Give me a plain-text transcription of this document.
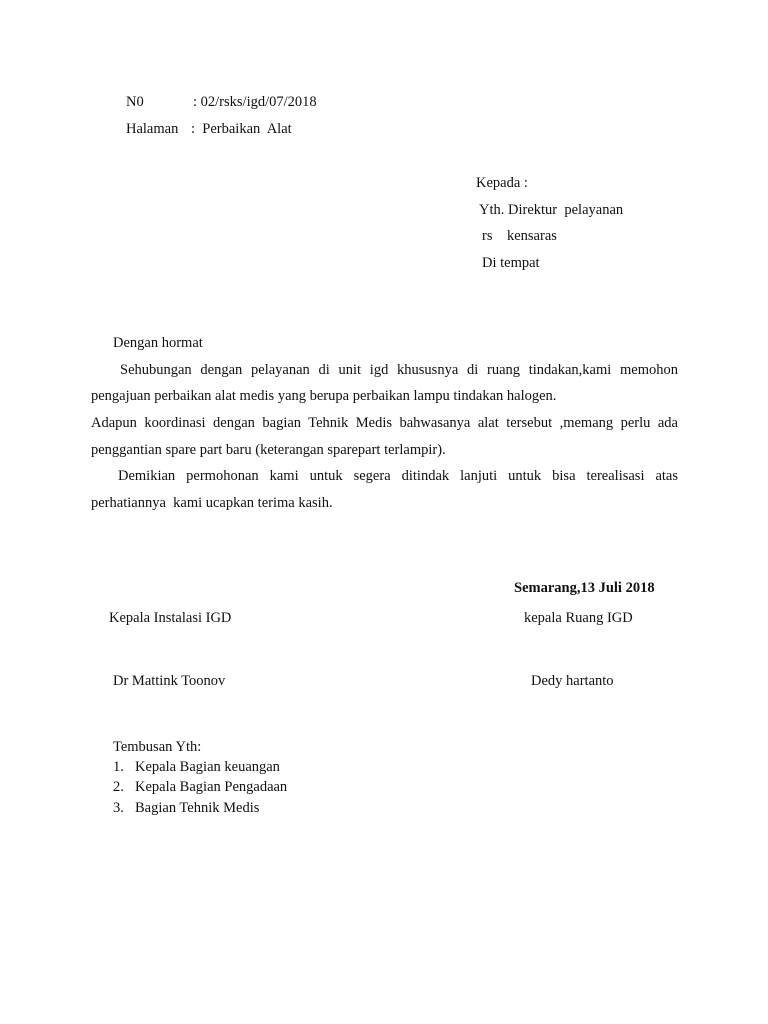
N0	: 02/rsks/igd/07/2018
Halaman :  Perbaikan  Alat
Kepada :
Yth. Direktur  pelayanan
rs    kensaras
Di tempat
Dengan hormat
Sehubungan dengan pelayanan di unit igd khususnya di ruang tindakan,kami memohon
pengajuan perbaikan alat medis yang berupa perbaikan lampu tindakan halogen.
Adapun koordinasi dengan bagian Tehnik Medis bahwasanya alat tersebut ,memang perlu ada
penggantian spare part baru (keterangan sparepart terlampir).
Demikian permohonan kami untuk segera ditindak lanjuti untuk bisa terealisasi atas
perhatiannya  kami ucapkan terima kasih.
Semarang,13 Juli 2018
Kepala Instalasi IGD	kepala Ruang IGD
Dr Mattink Toonov	Dedy hartanto
Tembusan Yth:
1. Kepala Bagian keuangan
2. Kepala Bagian Pengadaan
3. Bagian Tehnik Medis
